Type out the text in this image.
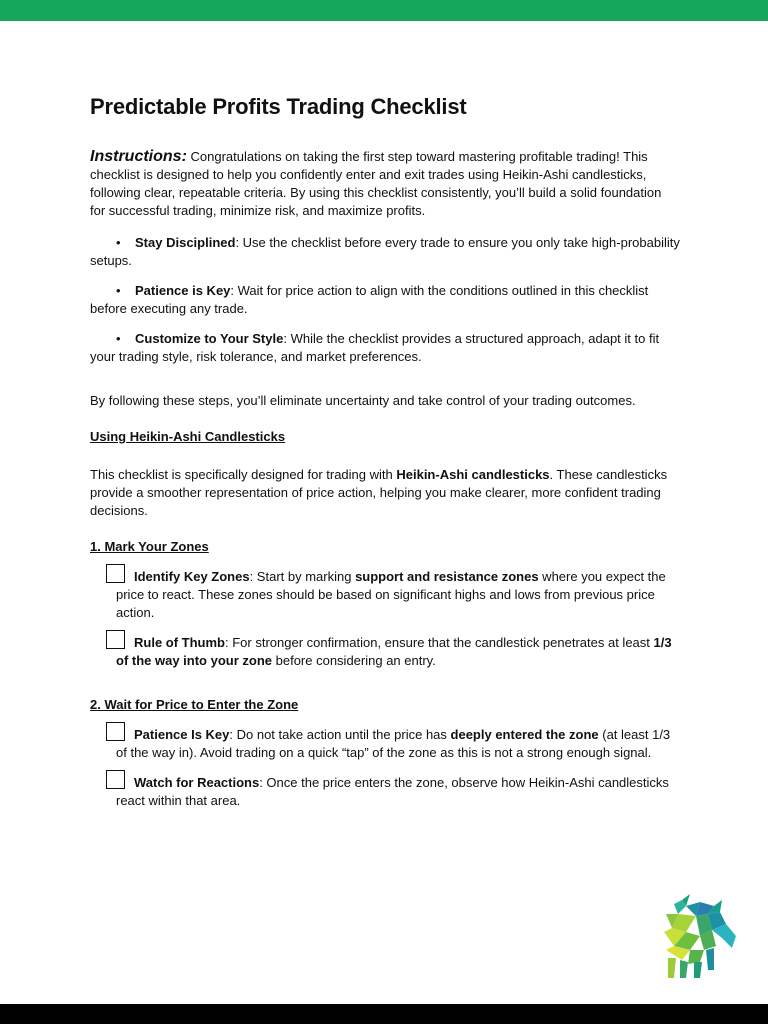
Predictable Profits Trading Checklist

Instructions: Congratulations on taking the first step toward mastering profitable trading! This checklist is designed to help you confidently enter and exit trades using Heikin-Ashi candlesticks, following clear, repeatable criteria. By using this checklist consistently, you’ll build a solid foundation for successful trading, minimize risk, and maximize profits.

• Stay Disciplined: Use the checklist before every trade to ensure you only take high-probability setups.
• Patience is Key: Wait for price action to align with the conditions outlined in this checklist before executing any trade.
• Customize to Your Style: While the checklist provides a structured approach, adapt it to fit your trading style, risk tolerance, and market preferences.

By following these steps, you’ll eliminate uncertainty and take control of your trading outcomes.

Using Heikin-Ashi Candlesticks

This checklist is specifically designed for trading with Heikin-Ashi candlesticks. These candlesticks provide a smoother representation of price action, helping you make clearer, more confident trading decisions.

1. Mark Your Zones

Identify Key Zones: Start by marking support and resistance zones where you expect the price to react. These zones should be based on significant highs and lows from previous price action.
Rule of Thumb: For stronger confirmation, ensure that the candlestick penetrates at least 1/3 of the way into your zone before considering an entry.

2. Wait for Price to Enter the Zone

Patience Is Key: Do not take action until the price has deeply entered the zone (at least 1/3 of the way in). Avoid trading on a quick “tap” of the zone as this is not a strong enough signal.
Watch for Reactions: Once the price enters the zone, observe how Heikin-Ashi candlesticks react within that area.
